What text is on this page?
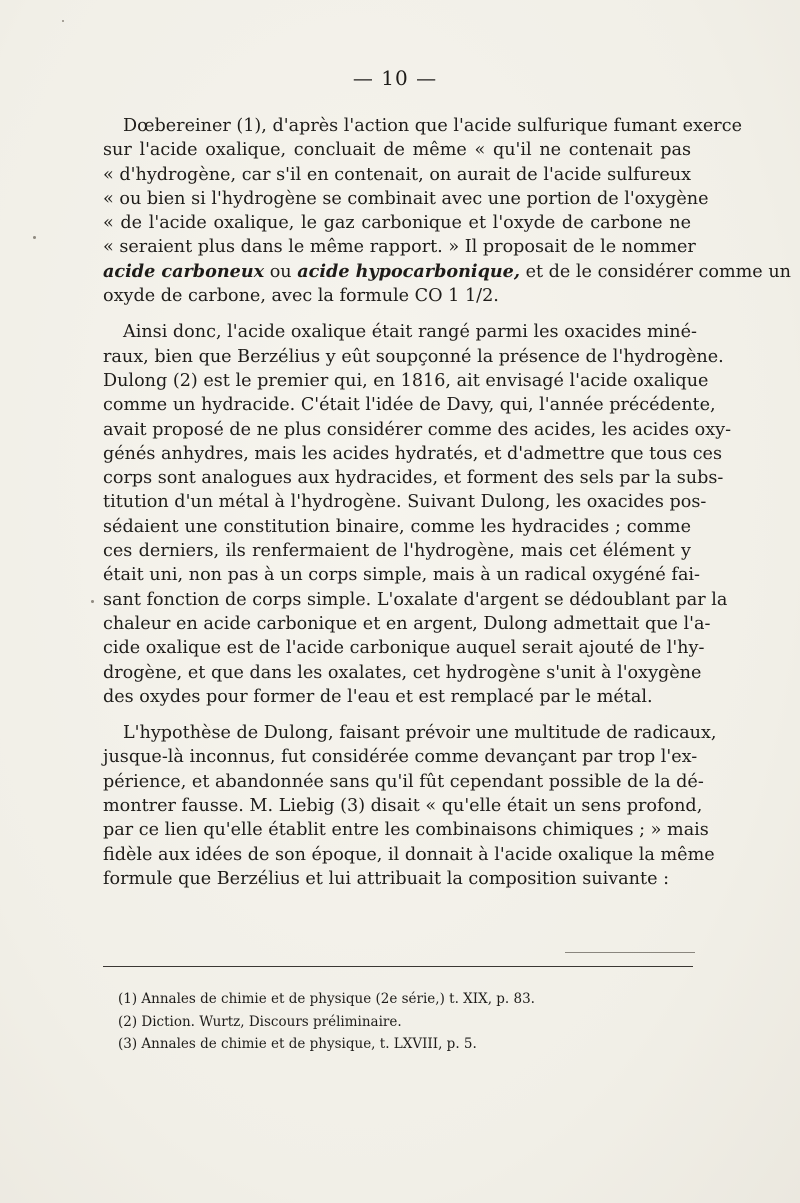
— 10 —

Dœbereiner (1), d'après l'action que l'acide sulfurique fumant exerce
sur l'acide oxalique, concluait de même « qu'il ne contenait pas
« d'hydrogène, car s'il en contenait, on aurait de l'acide sulfureux
« ou bien si l'hydrogène se combinait avec une portion de l'oxygène
« de l'acide oxalique, le gaz carbonique et l'oxyde de carbone ne
« seraient plus dans le même rapport. » Il proposait de le nommer
acide carboneux ou acide hypocarbonique, et de le considérer comme un
oxyde de carbone, avec la formule CO 1 1/2.

Ainsi donc, l'acide oxalique était rangé parmi les oxacides miné-
raux, bien que Berzélius y eût soupçonné la présence de l'hydrogène.
Dulong (2) est le premier qui, en 1816, ait envisagé l'acide oxalique
comme un hydracide. C'était l'idée de Davy, qui, l'année précédente,
avait proposé de ne plus considérer comme des acides, les acides oxy-
génés anhydres, mais les acides hydratés, et d'admettre que tous ces
corps sont analogues aux hydracides, et forment des sels par la subs-
titution d'un métal à l'hydrogène. Suivant Dulong, les oxacides pos-
sédaient une constitution binaire, comme les hydracides ; comme
ces derniers, ils renfermaient de l'hydrogène, mais cet élément y
était uni, non pas à un corps simple, mais à un radical oxygéné fai-
sant fonction de corps simple. L'oxalate d'argent se dédoublant par la
chaleur en acide carbonique et en argent, Dulong admettait que l'a-
cide oxalique est de l'acide carbonique auquel serait ajouté de l'hy-
drogène, et que dans les oxalates, cet hydrogène s'unit à l'oxygène
des oxydes pour former de l'eau et est remplacé par le métal.

L'hypothèse de Dulong, faisant prévoir une multitude de radicaux,
jusque-là inconnus, fut considérée comme devançant par trop l'ex-
périence, et abandonnée sans qu'il fût cependant possible de la dé-
montrer fausse. M. Liebig (3) disait « qu'elle était un sens profond,
par ce lien qu'elle établit entre les combinaisons chimiques ; » mais
fidèle aux idées de son époque, il donnait à l'acide oxalique la même
formule que Berzélius et lui attribuait la composition suivante :

(1) Annales de chimie et de physique (2e série,) t. XIX, p. 83.
(2) Diction. Wurtz, Discours préliminaire.
(3) Annales de chimie et de physique, t. LXVIII, p. 5.
